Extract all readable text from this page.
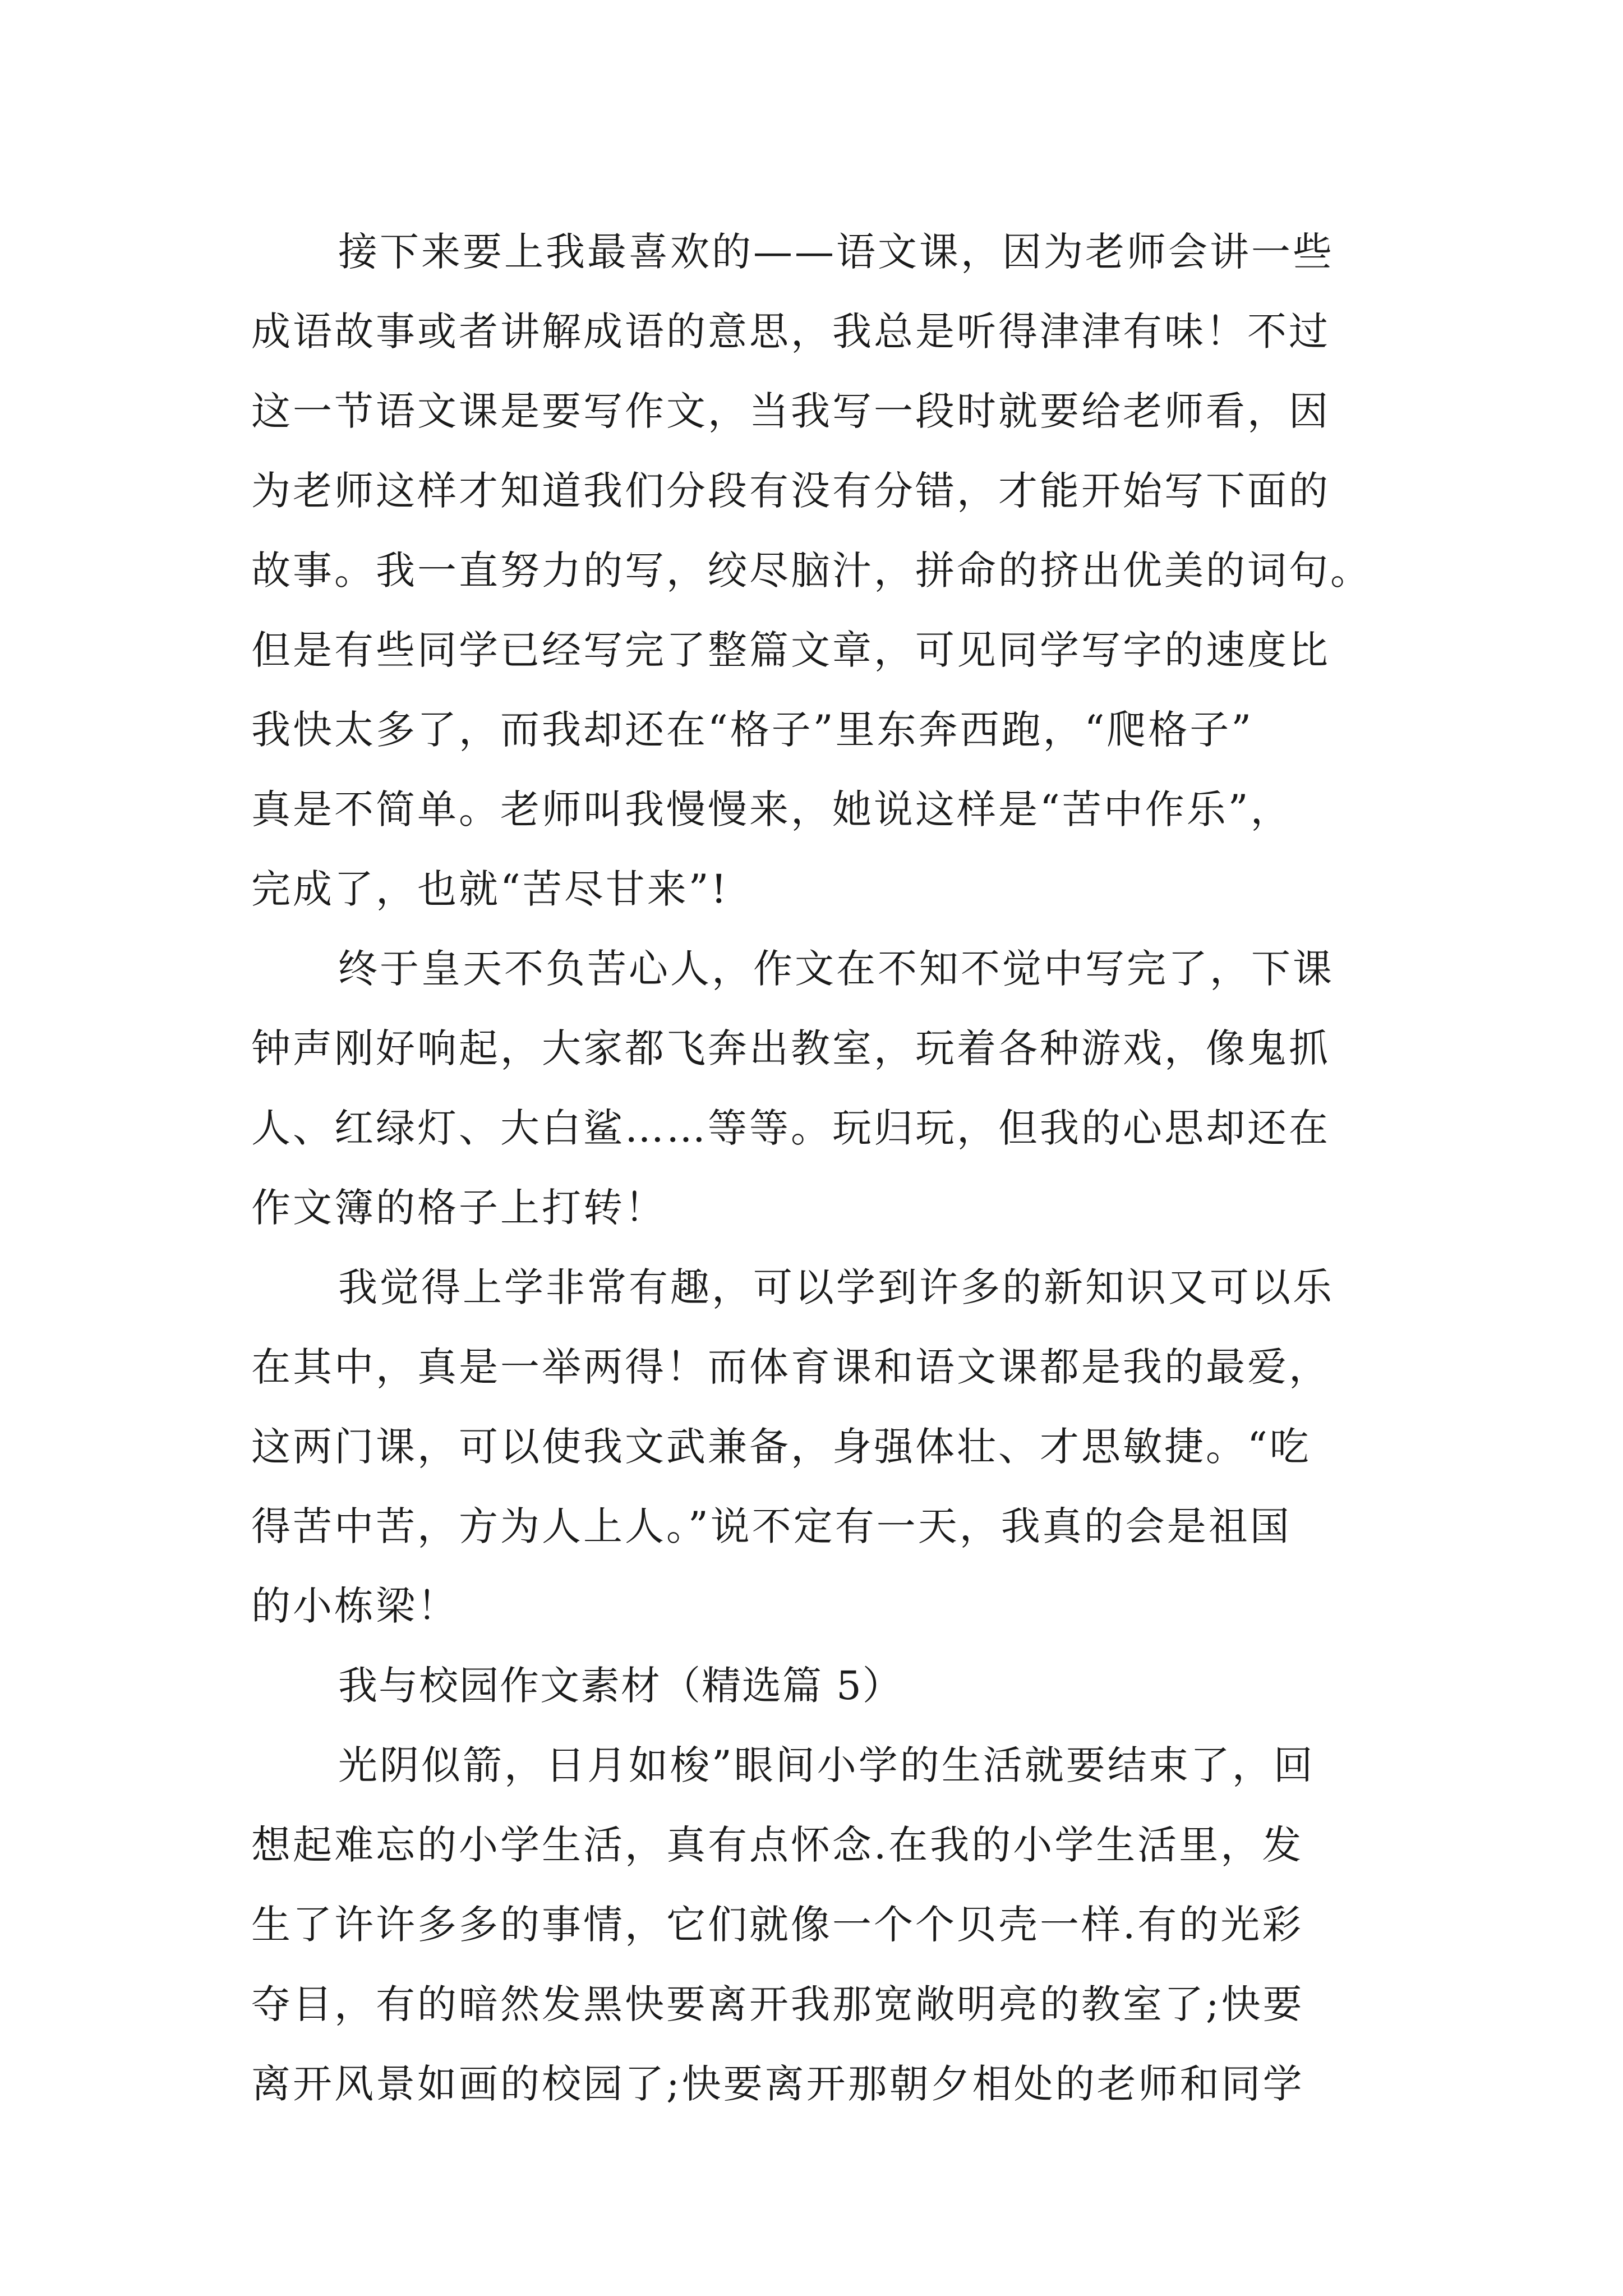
接下来要上我最喜欢的——语文课，因为老师会讲一些
成语故事或者讲解成语的意思，我总是听得津津有味！不过
这一节语文课是要写作文，当我写一段时就要给老师看，因
为老师这样才知道我们分段有没有分错，才能开始写下面的
故事。我一直努力的写，绞尽脑汁，拼命的挤出优美的词句。
但是有些同学已经写完了整篇文章，可见同学写字的速度比
我快太多了，而我却还在“格子”里东奔西跑，“爬格子”
真是不简单。老师叫我慢慢来，她说这样是“苦中作乐”，
完成了，也就“苦尽甘来”!
终于皇天不负苦心人，作文在不知不觉中写完了，下课
钟声刚好响起，大家都飞奔出教室，玩着各种游戏，像鬼抓
人、红绿灯、大白鲨……等等。玩归玩，但我的心思却还在
作文簿的格子上打转！
我觉得上学非常有趣，可以学到许多的新知识又可以乐
在其中，真是一举两得！而体育课和语文课都是我的最爱，
这两门课，可以使我文武兼备，身强体壮、才思敏捷。“吃
得苦中苦，方为人上人。”说不定有一天，我真的会是祖国
的小栋梁！
我与校园作文素材（精选篇 5）
光阴似箭，日月如梭”眼间小学的生活就要结束了，回
想起难忘的小学生活，真有点怀念.在我的小学生活里，发
生了许许多多的事情，它们就像一个个贝壳一样.有的光彩
夺目，有的暗然发黑快要离开我那宽敞明亮的教室了;快要
离开风景如画的校园了;快要离开那朝夕相处的老师和同学
